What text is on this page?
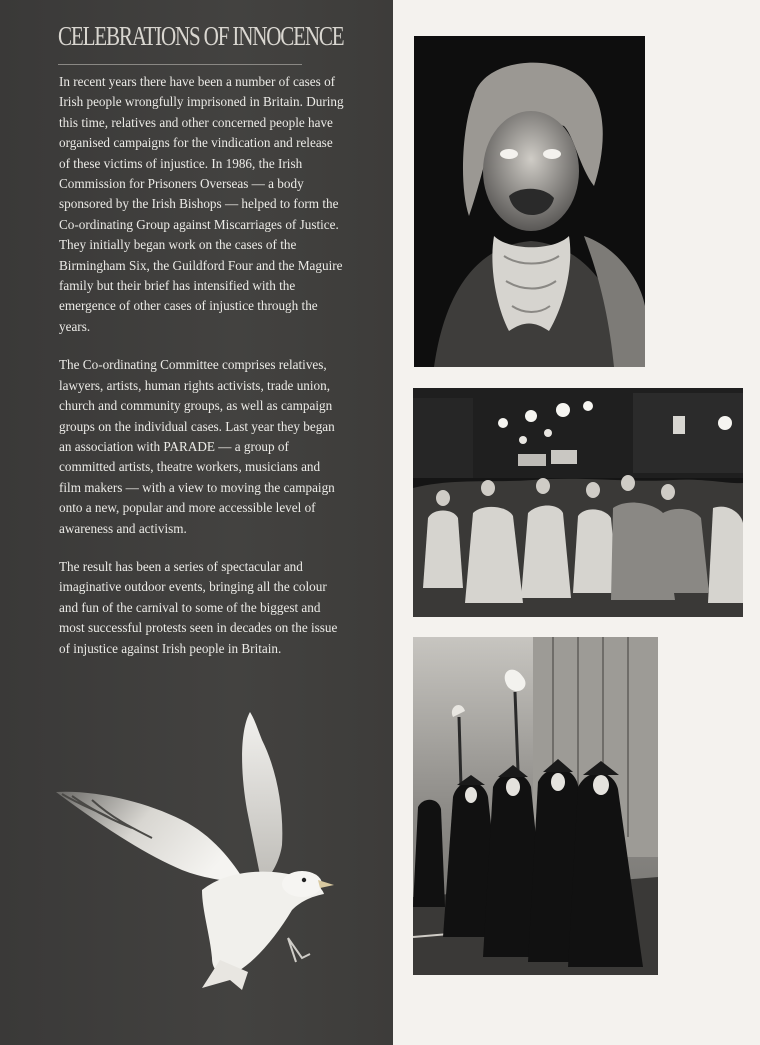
CELEBRATIONS OF INNOCENCE

In recent years there have been a number of cases of Irish people wrongfully imprisoned in Britain. During this time, relatives and other concerned people have organised campaigns for the vindication and release of these victims of injustice. In 1986, the Irish Commission for Prisoners Overseas — a body sponsored by the Irish Bishops — helped to form the Co-ordinating Group against Miscarriages of Justice. They initially began work on the cases of the Birmingham Six, the Guildford Four and the Maguire family but their brief has intensified with the emergence of other cases of injustice through the years.

The Co-ordinating Committee comprises relatives, lawyers, artists, human rights activists, trade union, church and community groups, as well as campaign groups on the individual cases. Last year they began an association with PARADE — a group of committed artists, theatre workers, musicians and film makers — with a view to moving the campaign onto a new, popular and more accessible level of awareness and activism.

The result has been a series of spectacular and imaginative outdoor events, bringing all the colour and fun of the carnival to some of the biggest and most successful protests seen in decades on the issue of injustice against Irish people in Britain.
